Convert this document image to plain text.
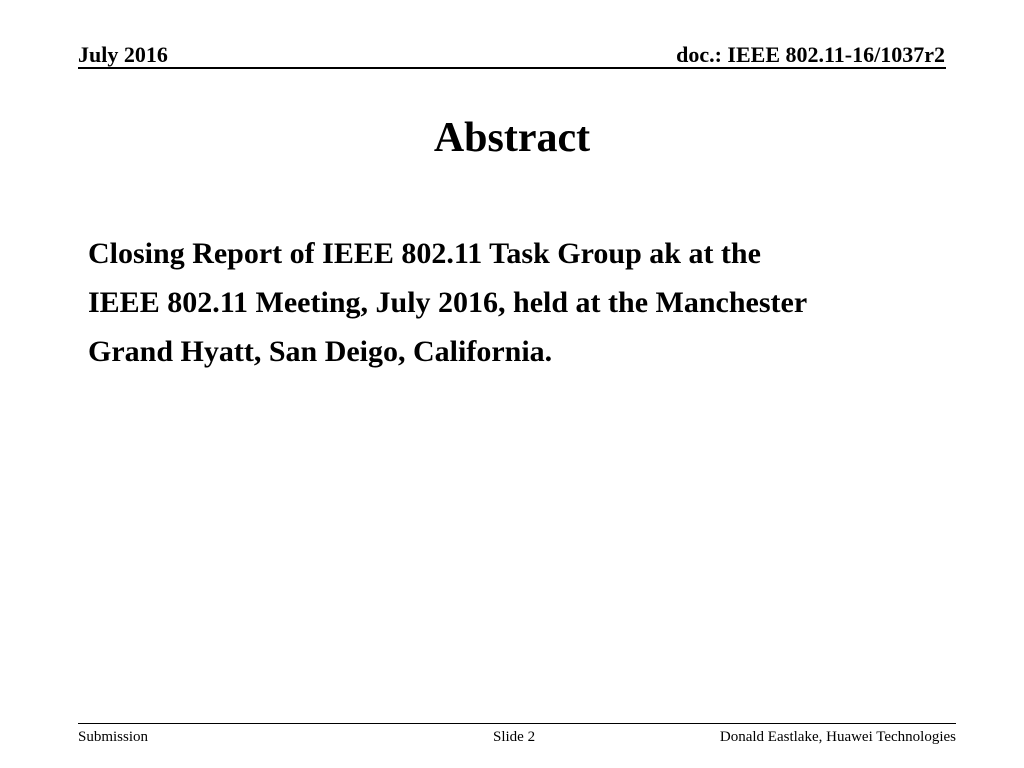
July 2016	doc.: IEEE 802.11-16/1037r2
Abstract
Closing Report of IEEE 802.11 Task Group ak at the
IEEE 802.11 Meeting, July 2016, held at the Manchester
Grand Hyatt, San Deigo, California.
Submission	Slide 2	Donald Eastlake, Huawei Technologies
